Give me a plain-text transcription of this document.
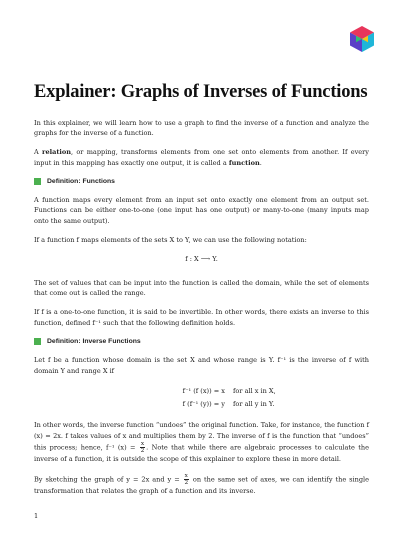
Explainer: Graphs of Inverses of Functions

In this explainer, we will learn how to use a graph to find the inverse of a function and analyze the graphs for the inverse of a function.

A relation, or mapping, transforms elements from one set onto elements from another. If every input in this mapping has exactly one output, it is called a function.

Definition: Functions

A function maps every element from an input set onto exactly one element from an output set. Functions can be either one-to-one (one input has one output) or many-to-one (many inputs map onto the same output).

If a function f maps elements of the sets X to Y, we can use the following notation:

f : X ⟶ Y.

The set of values that can be input into the function is called the domain, while the set of elements that come out is called the range.

If f is a one-to-one function, it is said to be invertible. In other words, there exists an inverse to this function, defined f⁻¹ such that the following definition holds.

Definition: Inverse Functions

Let f be a function whose domain is the set X and whose range is Y. f⁻¹ is the inverse of f with domain Y and range X if

f⁻¹ (f (x)) = x	for all x in X,
f (f⁻¹ (y)) = y	for all y in Y.

In other words, the inverse function “undoes” the original function. Take, for instance, the function f (x) = 2x. f takes values of x and multiplies them by 2. The inverse of f is the function that “undoes” this process; hence, f⁻¹ $(x) = \frac{x}{2}$ . Note that while there are algebraic processes to calculate the inverse of a function, it is outside the scope of this explainer to explore these in more detail.

By sketching the graph of y = 2x and $y = \frac{x}{2}$ on the same set of axes, we can identify the single transformation that relates the graph of a function and its inverse.

1
